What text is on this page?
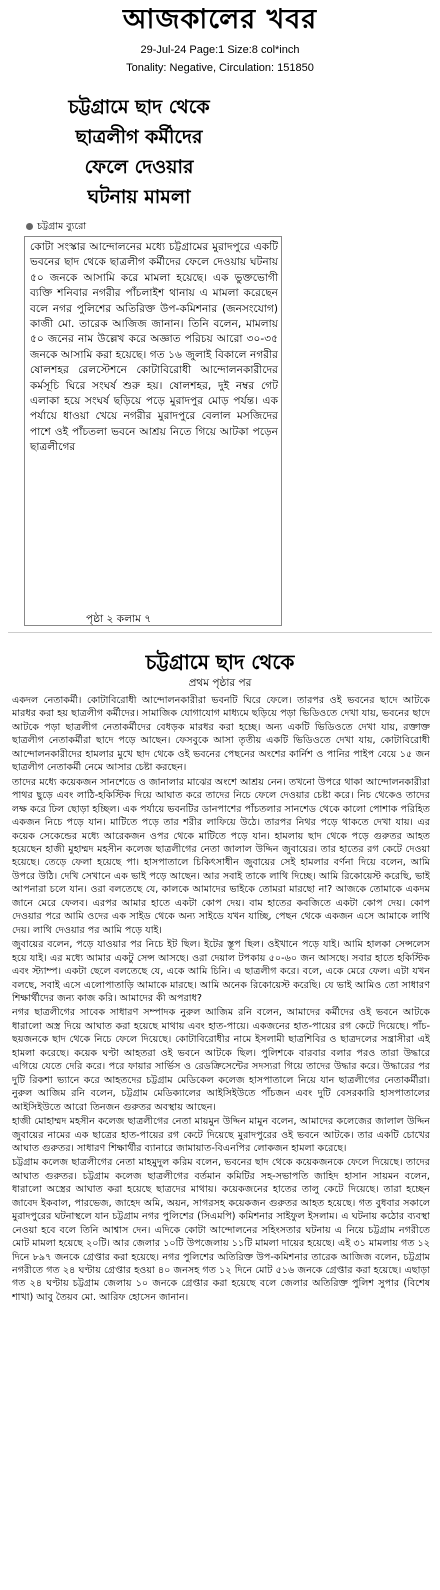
আজকালের খবর
29-Jul-24 Page:1 Size:8 col*inch
Tonality: Negative, Circulation: 151850
চট্টগ্রামে ছাদ থেকে
ছাত্রলীগ কর্মীদের
ফেলে দেওয়ার
ঘটনায় মামলা
চট্টগ্রাম ব্যুরো

কোটা সংস্কার আন্দোলনের মধ্যে চট্টগ্রামের মুরাদপুরে একটি ভবনের ছাদ থেকে ছাত্রলীগ কর্মীদের ফেলে দেওয়ায় ঘটনায় ৫০ জনকে আসামি করে মামলা হয়েছে। এক ভুক্তভোগী ব্যক্তি শনিবার নগরীর পাঁচলাইশ থানায় এ মামলা করেছেন বলে নগর পুলিশের অতিরিক্ত উপ-কমিশনার (জনসংযোগ) কাজী মো. তারেক আজিজ জানান। তিনি বলেন, মামলায় ৫০ জনের নাম উল্লেখ করে অজ্ঞাত পরিচয় আরো ৩০-৩৫ জনকে আসামি করা হয়েছে। গত ১৬ জুলাই বিকালে নগরীর ষোলশহর রেলস্টেশনে কোটাবিরোধী আন্দোলনকারীদের কর্মসূচি ঘিরে সংঘর্ষ শুরু হয়। ষোলশহর, দুই নম্বর গেট এলাকা হয়ে সংঘর্ষ ছড়িয়ে পড়ে মুরাদপুর মোড় পর্যন্ত। এক পর্যায়ে ধাওয়া খেয়ে নগরীর মুরাদপুরে বেলাল মসজিদের পাশে ওই পাঁচতলা ভবনে আশ্রয় নিতে গিয়ে আটকা পড়েন ছাত্রলীগের

পৃষ্ঠা ২ কলাম ৭
চট্টগ্রামে ছাদ থেকে
প্রথম পৃষ্ঠার পর

একদল নেতাকর্মী। কোটাবিরোধী আন্দোলনকারীরা ভবনটি ঘিরে ফেলে। তারপর ওই ভবনের ছাদে আটকে মারধর করা হয় ছাত্রলীগ কর্মীদের। সামাজিক যোগাযোগ মাধ্যমে ছড়িয়ে পড়া ভিডিওতে দেখা যায়, ভবনের ছাদে আটকে পড়া ছাত্রলীগ নেতাকর্মীদের বেধড়ক মারধর করা হচ্ছে। অন্য একটি ভিডিওতে দেখা যায়, রক্তাক্ত ছাত্রলীগ নেতাকর্মীরা ছাদে পড়ে আছেন। ফেসবুকে আসা তৃতীয় একটি ভিডিওতে দেখা যায়, কোটাবিরোধী আন্দোলনকারীদের হামলার মুখে ছাদ থেকে ওই ভবনের পেছনের অংশের কার্নিশ ও পানির পাইপ বেয়ে ১৫ জন ছাত্রলীগ নেতাকর্মী নেমে আসার চেষ্টা করছেন।

তাদের মধ্যে কয়েকজন সানশেডে ও জানালার মাঝের অংশে আশ্রয় নেন। তখনো উপরে থাকা আন্দোলনকারীরা পাথর ছুড়ে এবং লাঠি-হকিস্টিক দিয়ে আঘাত করে তাদের নিচে ফেলে দেওয়ার চেষ্টা করে। নিচ থেকেও তাদের লক্ষ করে ঢিল ছোড়া হচ্ছিল। এক পর্যায়ে ভবনটির ডানপাশের পাঁচতলার সানশেড থেকে কালো পোশাক পরিহিত একজন নিচে পড়ে যান। মাটিতে পড়ে তার শরীর লাফিয়ে উঠে। তারপর নিথর পড়ে থাকতে দেখা যায়। এর কয়েক সেকেন্ডের মধ্যে আরেকজন ওপর থেকে মাটিতে পড়ে যান। হামলায় ছাদ থেকে পড়ে গুরুতর আহত হয়েছেন হাজী মুহাম্মদ মহসীন কলেজ ছাত্রলীগের নেতা জালাল উদ্দিন জুবায়ের। তার হাতের রগ কেটে দেওয়া হয়েছে। তেড়ে ফেলা হয়েছে পা। হাসপাতালে চিকিৎসাধীন জুবায়ের সেই হামলার বর্ণনা দিয়ে বলেন, আমি উপরে উঠি। দেখি সেখানে এক ভাই পড়ে আছেন। আর সবাই তাকে লাথি দিচ্ছে। আমি রিকোয়েস্ট করেছি, ভাই আপনারা চলে যান। ওরা বলতেছে যে, কালকে আমাদের ভাইকে তোমরা মারছো না? আজকে তোমাকে একদম জানে মেরে ফেলব। এরপর আমার হাতে একটা কোপ দেয়। বাম হাতের কবজিতে একটা কোপ দেয়। কোপ দেওয়ার পরে আমি ওদের এক সাইড থেকে অন্য সাইডে যখন যাচ্ছি, পেছন থেকে একজন এসে আমাকে লাথি দেয়। লাথি দেওয়ার পর আমি পড়ে যাই।

জুবায়ের বলেন, পড়ে যাওয়ার পর নিচে ইট ছিল। ইটের স্তূপ ছিল। ওইখানে পড়ে যাই। আমি হালকা সেন্সলেস হয়ে যাই। এর মধ্যে আমার একটু সেন্স আসছে। ওরা দেয়াল টপকায় ৫০-৬০ জন আসছে। সবার হাতে হকিস্টিক এবং স্ট্যাম্প। একটা ছেলে বলতেছে যে, একে আমি চিনি। এ ছাত্রলীগ করে। বলে, একে মেরে ফেল। এটা যখন বলছে, সবাই এসে এলোপাতাড়ি আমাকে মারছে। আমি অনেক রিকোয়েস্ট করেছি। যে ভাই আমিও তো সাধারণ শিক্ষার্থীদের জন্য কাজ করি। আমাদের কী অপরাধ?

নগর ছাত্রলীগের সাবেক সাধারণ সম্পাদক নুরুল আজিম রনি বলেন, আমাদের কর্মীদের ওই ভবনে আটকে ধারালো অস্ত্র দিয়ে আঘাত করা হয়েছে মাথায় এবং হাত-পায়ে। একজনের হাত-পায়ের রগ কেটে দিয়েছে। পাঁচ-ছয়জনকে ছাদ থেকে নিচে ফেলে দিয়েছে। কোটাবিরোধীর নামে ইসলামী ছাত্রশিবির ও ছাত্রদলের সন্ত্রাসীরা এই হামলা করেছে। কয়েক ঘণ্টা আহতরা ওই ভবনে আটকে ছিল। পুলিশকে বারবার বলার পরও তারা উদ্ধারে এগিয়ে যেতে দেরি করে। পরে ফায়ার সার্ভিস ও রেডক্রিসেন্টের সদস্যরা গিয়ে তাদের উদ্ধার করে। উদ্ধারের পর দুটি রিকশা ভ্যানে করে আহতদের চট্টগ্রাম মেডিকেল কলেজ হাসপাতালে নিয়ে যান ছাত্রলীগের নেতাকর্মীরা। নুরুল আজিম রনি বলেন, চট্টগ্রাম মেডিক্যালের আইসিইউতে পাঁচজন এবং দুটি বেসরকারি হাসপাতালের আইসিইউতে আরো তিনজন গুরুতর অবস্থায় আছেন।

হাজী মোহাম্মদ মহসীন কলেজ ছাত্রলীগের নেতা মায়মুন উদ্দিন মামুন বলেন, আমাদের কলেজের জালাল উদ্দিন জুবায়ের নামের এক ছাত্রের হাত-পায়ের রগ কেটে দিয়েছে মুরাদপুরের ওই ভবনে আটকে। তার একটি চোখের আঘাত গুরুতর। সাধারণ শিক্ষার্থীর ব্যানারে জামায়াত-বিএনপির লোকজন হামলা করেছে।

চট্টগ্রাম কলেজ ছাত্রলীগের নেতা মাহমুদুল করিম বলেন, ভবনের ছাদ থেকে কয়েকজনকে ফেলে দিয়েছে। তাদের আঘাত গুরুতর। চট্টগ্রাম কলেজ ছাত্রলীগের বর্তমান কমিটির সহ-সভাপতি জাহিদ হাসান সায়মন বলেন, ধারালো অস্ত্রের আঘাত করা হয়েছে ছাত্রদের মাথায়। কয়েকজনের হাতের তালু কেটে দিয়েছে। তারা হচ্ছেন জাবেদ ইকবাল, পারভেজ, জাহেদ অমি, অয়ন, সাগরসহ কয়েকজন গুরুতর আহত হয়েছে। গত বুধবার সকালে মুরাদপুরের ঘটনাস্থলে যান চট্টগ্রাম নগর পুলিশের (সিএমপি) কমিশনার সাইফুল ইসলাম। এ ঘটনায় কঠোর ব্যবস্থা নেওয়া হবে বলে তিনি আশ্বাস দেন। এদিকে কোটা আন্দোলনের সহিংসতার ঘটনায় এ নিয়ে চট্টগ্রাম নগরীতে মোট মামলা হয়েছে ২০টি। আর জেলার ১০টি উপজেলায় ১১টি মামলা দায়ের হয়েছে। এই ৩১ মামলায় গত ১২ দিনে ৮৯৭ জনকে গ্রেপ্তার করা হয়েছে। নগর পুলিশের অতিরিক্ত উপ-কমিশনার তারেক আজিজ বলেন, চট্টগ্রাম নগরীতে গত ২৪ ঘণ্টায় গ্রেপ্তার হওয়া ৪০ জনসহ গত ১২ দিনে মোট ৫১৬ জনকে গ্রেপ্তার করা হয়েছে। এছাড়া গত ২৪ ঘণ্টায় চট্টগ্রাম জেলায় ১০ জনকে গ্রেপ্তার করা হয়েছে বলে জেলার অতিরিক্ত পুলিশ সুপার (বিশেষ শাখা) আবু তৈয়ব মো. আরিফ হোসেন জানান।
